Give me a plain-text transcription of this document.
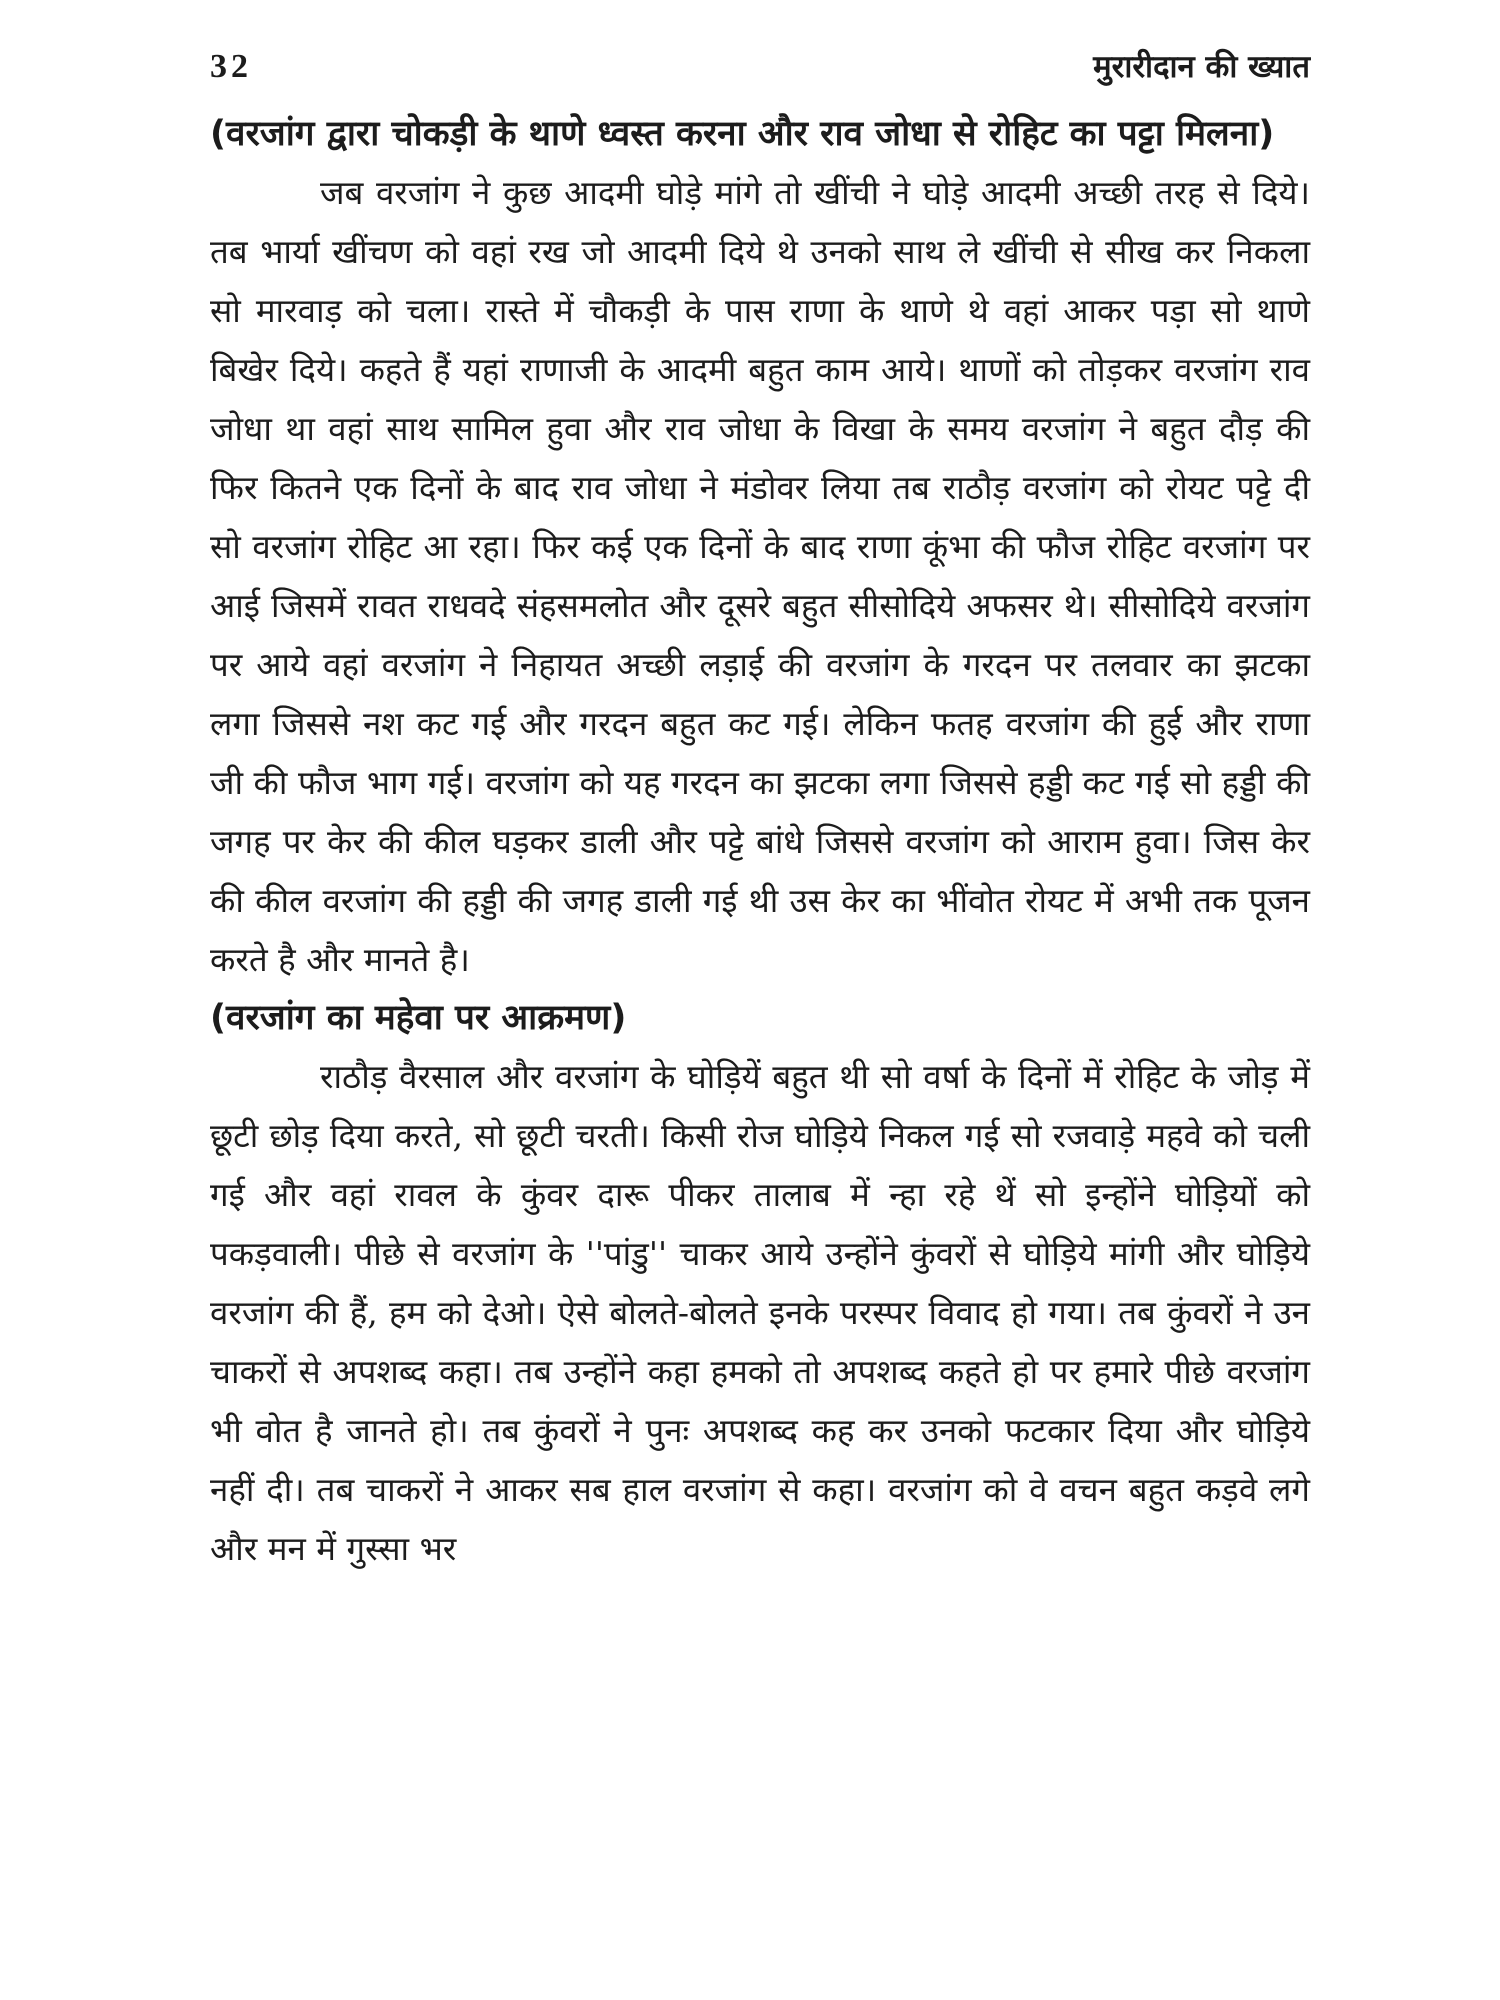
32	मुरारीदान की ख्यात
(वरजांग द्वारा चोकड़ी के थाणे ध्वस्त करना और राव जोधा से रोहिट का पट्टा मिलना)

जब वरजांग ने कुछ आदमी घोड़े मांगे तो खींची ने घोड़े आदमी अच्छी तरह से दिये। तब भार्या खींचण को वहां रख जो आदमी दिये थे उनको साथ ले खींची से सीख कर निकला सो मारवाड़ को चला। रास्ते में चौकड़ी के पास राणा के थाणे थे वहां आकर पड़ा सो थाणे बिखेर दिये। कहते हैं यहां राणाजी के आदमी बहुत काम आये। थाणों को तोड़कर वरजांग राव जोधा था वहां साथ सामिल हुवा और राव जोधा के विखा के समय वरजांग ने बहुत दौड़ की फिर कितने एक दिनों के बाद राव जोधा ने मंडोवर लिया तब राठौड़ वरजांग को रोयट पट्टे दी सो वरजांग रोहिट आ रहा। फिर कई एक दिनों के बाद राणा कूंभा की फौज रोहिट वरजांग पर आई जिसमें रावत राधवदे संहसमलोत और दूसरे बहुत सीसोदिये अफसर थे। सीसोदिये वरजांग पर आये वहां वरजांग ने निहायत अच्छी लड़ाई की वरजांग के गरदन पर तलवार का झटका लगा जिससे नश कट गई और गरदन बहुत कट गई। लेकिन फतह वरजांग की हुई और राणा जी की फौज भाग गई। वरजांग को यह गरदन का झटका लगा जिससे हड्डी कट गई सो हड्डी की जगह पर केर की कील घड़कर डाली और पट्टे बांधे जिससे वरजांग को आराम हुवा। जिस केर की कील वरजांग की हड्डी की जगह डाली गई थी उस केर का भींवोत रोयट में अभी तक पूजन करते है और मानते है।

(वरजांग का महेवा पर आक्रमण)

राठौड़ वैरसाल और वरजांग के घोड़ियें बहुत थी सो वर्षा के दिनों में रोहिट के जोड़ में छूटी छोड़ दिया करते, सो छूटी चरती। किसी रोज घोड़िये निकल गई सो रजवाड़े महवे को चली गई और वहां रावल के कुंवर दारू पीकर तालाब में न्हा रहे थें सो इन्होंने घोड़ियों को पकड़वाली। पीछे से वरजांग के ''पांडु'' चाकर आये उन्होंने कुंवरों से घोड़िये मांगी और घोड़िये वरजांग की हैं, हम को देओ। ऐसे बोलते-बोलते इनके परस्पर विवाद हो गया। तब कुंवरों ने उन चाकरों से अपशब्द कहा। तब उन्होंने कहा हमको तो अपशब्द कहते हो पर हमारे पीछे वरजांग भी वोत है जानते हो। तब कुंवरों ने पुनः अपशब्द कह कर उनको फटकार दिया और घोड़िये नहीं दी। तब चाकरों ने आकर सब हाल वरजांग से कहा। वरजांग को वे वचन बहुत कड़वे लगे और मन में गुस्सा भर
